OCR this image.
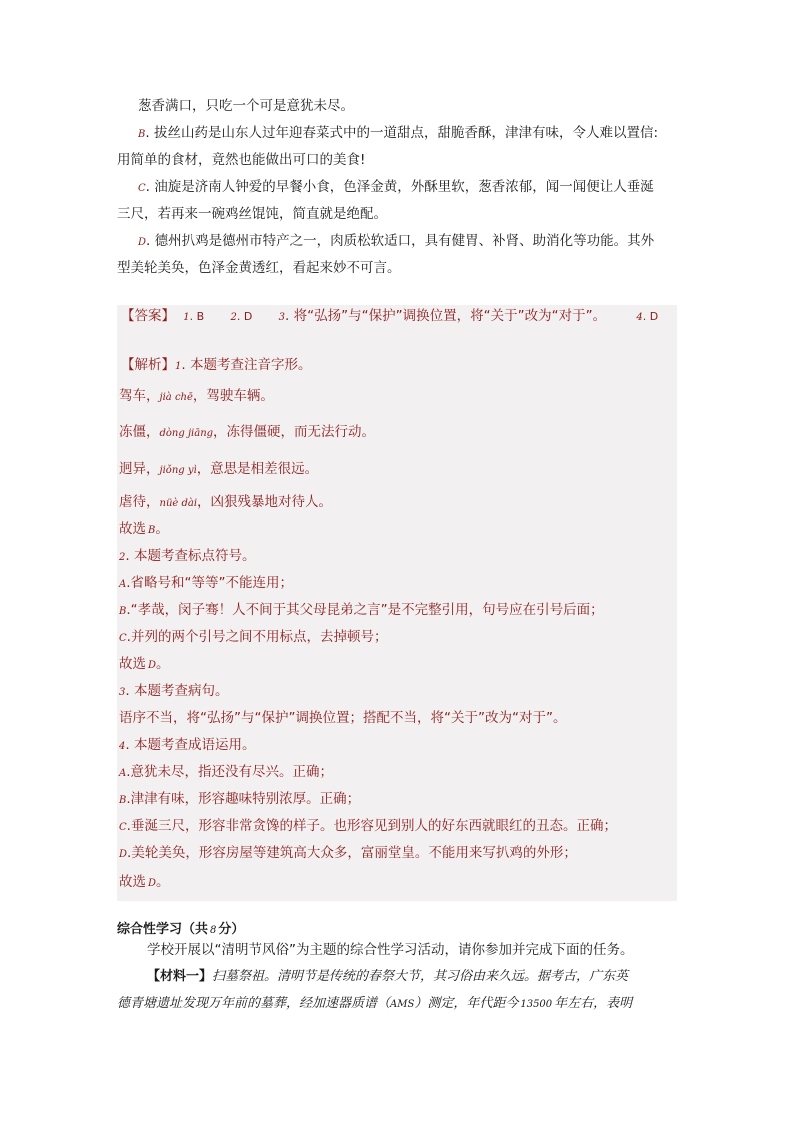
葱香满口，只吃一个可是意犹未尽。
B. 拔丝山药是山东人过年迎春菜式中的一道甜点，甜脆香酥，津津有味，令人难以置信:
用简单的食材，竟然也能做出可口的美食!
C. 油旋是济南人钟爱的早餐小食，色泽金黄，外酥里软，葱香浓郁，闻一闻便让人垂涎
三尺，若再来一碗鸡丝馄饨，简直就是绝配。
D. 德州扒鸡是德州市特产之一，肉质松软适口，具有健胃、补肾、助消化等功能。其外
型美轮美奂，色泽金黄透红，看起来妙不可言。
【答案】 1. B	2. D	3. 将“弘扬”与“保护”调换位置，将“关于”改为“对于”。	4. D
【解析】1. 本题考查注音字形。
驾车，jià chē，驾驶车辆。
冻僵，dòng jiāng，冻得僵硬，而无法行动。
迥异，jiǒng yì，意思是相差很远。
虐待，nüè dài，凶狠残暴地对待人。
故选 B。
2. 本题考查标点符号。
A.省略号和“等等”不能连用；
B.“孝哉，闵子骞！人不间于其父母昆弟之言”是不完整引用，句号应在引号后面；
C.并列的两个引号之间不用标点，去掉顿号；
故选 D。
3. 本题考查病句。
语序不当，将“弘扬”与“保护”调换位置；搭配不当，将“关于”改为“对于”。
4. 本题考查成语运用。
A.意犹未尽，指还没有尽兴。正确；
B.津津有味，形容趣味特别浓厚。正确；
C.垂涎三尺，形容非常贪馋的样子。也形容见到别人的好东西就眼红的丑态。正确；
D.美轮美奂，形容房屋等建筑高大众多，富丽堂皇。不能用来写扒鸡的外形；
故选 D。
综合性学习（共 8 分）
学校开展以“清明节风俗”为主题的综合性学习活动，请你参加并完成下面的任务。
【材料一】扫墓祭祖。清明节是传统的春祭大节，其习俗由来久远。据考古，广东英
德青塘遗址发现万年前的墓葬，经加速器质谱（AMS）测定，年代距今 13500 年左右，表明
